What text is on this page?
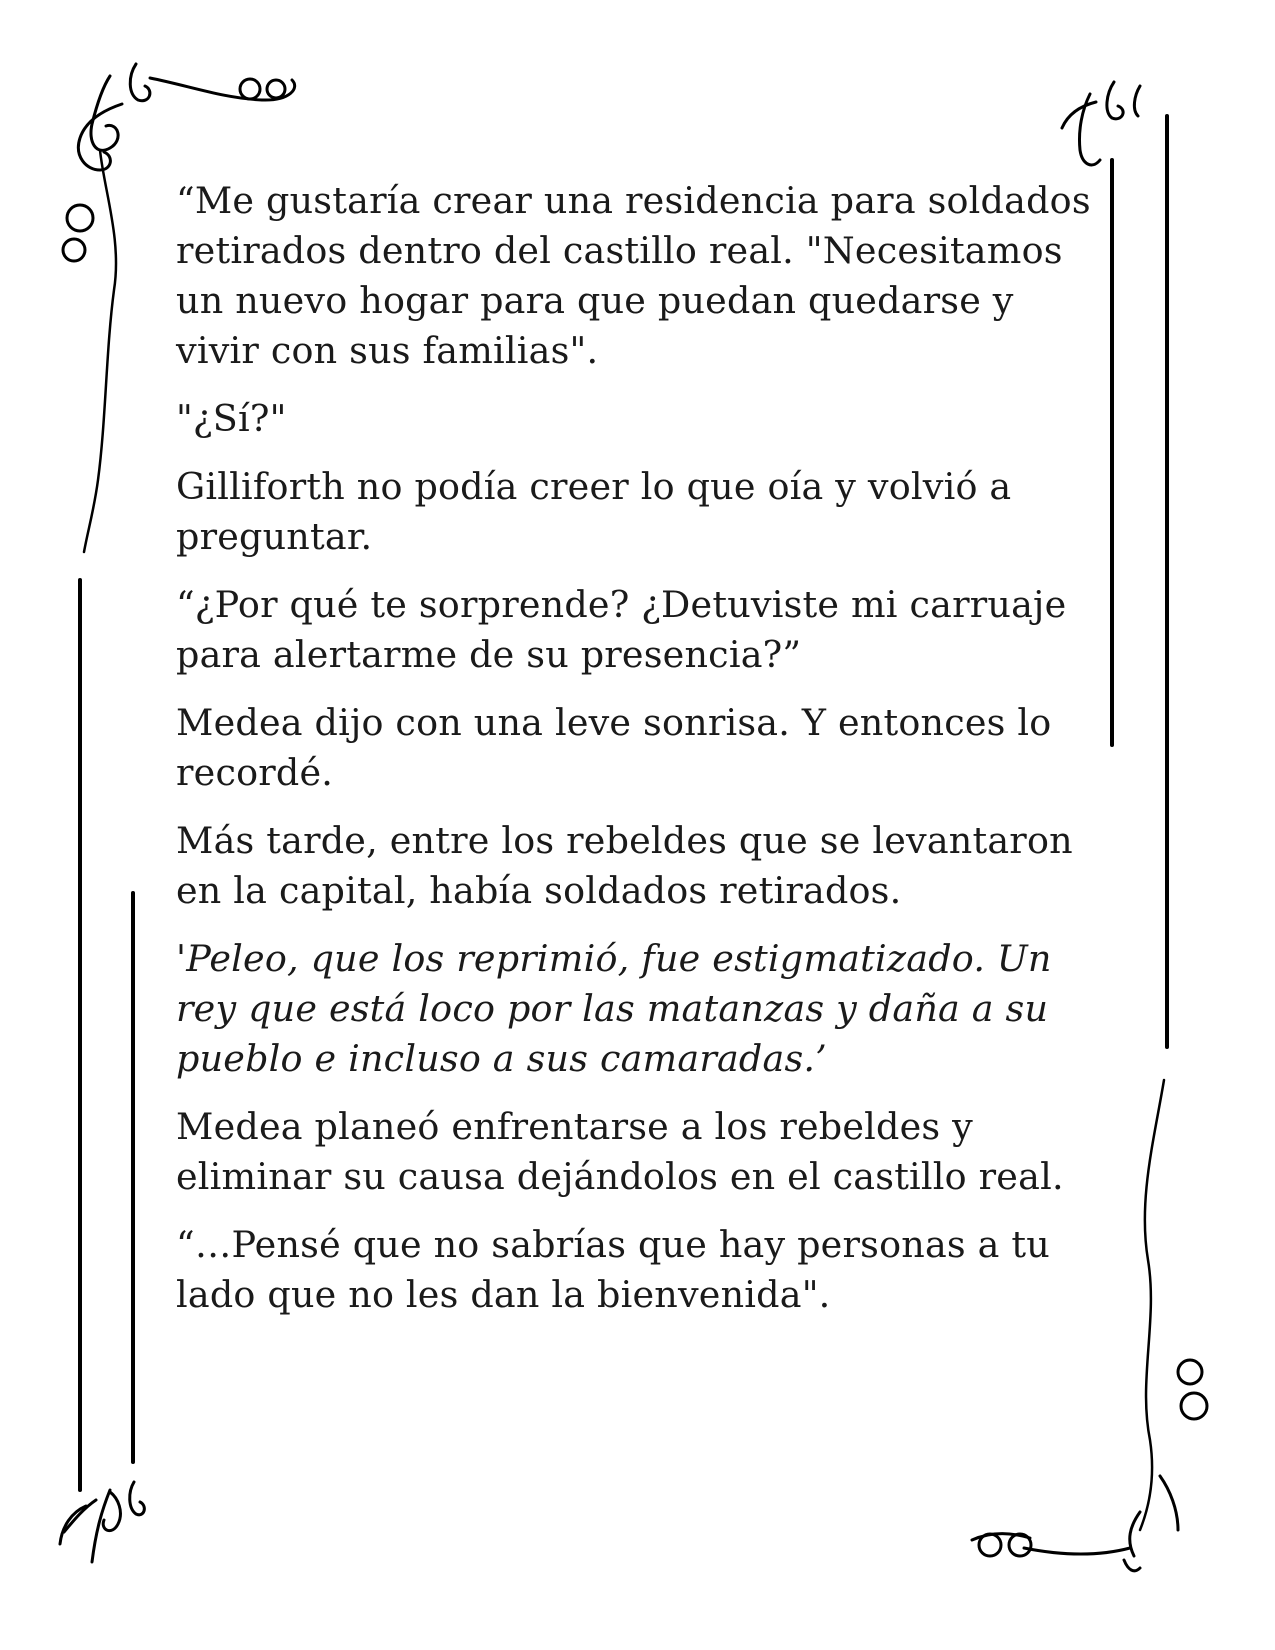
“Me gustaría crear una residencia para soldados retirados dentro del castillo real. "Necesitamos un nuevo hogar para que puedan quedarse y vivir con sus familias".

"¿Sí?"

Gilliforth no podía creer lo que oía y volvió a preguntar.

“¿Por qué te sorprende? ¿Detuviste mi carruaje para alertarme de su presencia?”

Medea dijo con una leve sonrisa. Y entonces lo recordé.

Más tarde, entre los rebeldes que se levantaron en la capital, había soldados retirados.

'Peleo, que los reprimió, fue estigmatizado. Un rey que está loco por las matanzas y daña a su pueblo e incluso a sus camaradas.’

Medea planeó enfrentarse a los rebeldes y eliminar su causa dejándolos en el castillo real.

“…Pensé que no sabrías que hay personas a tu lado que no les dan la bienvenida".
